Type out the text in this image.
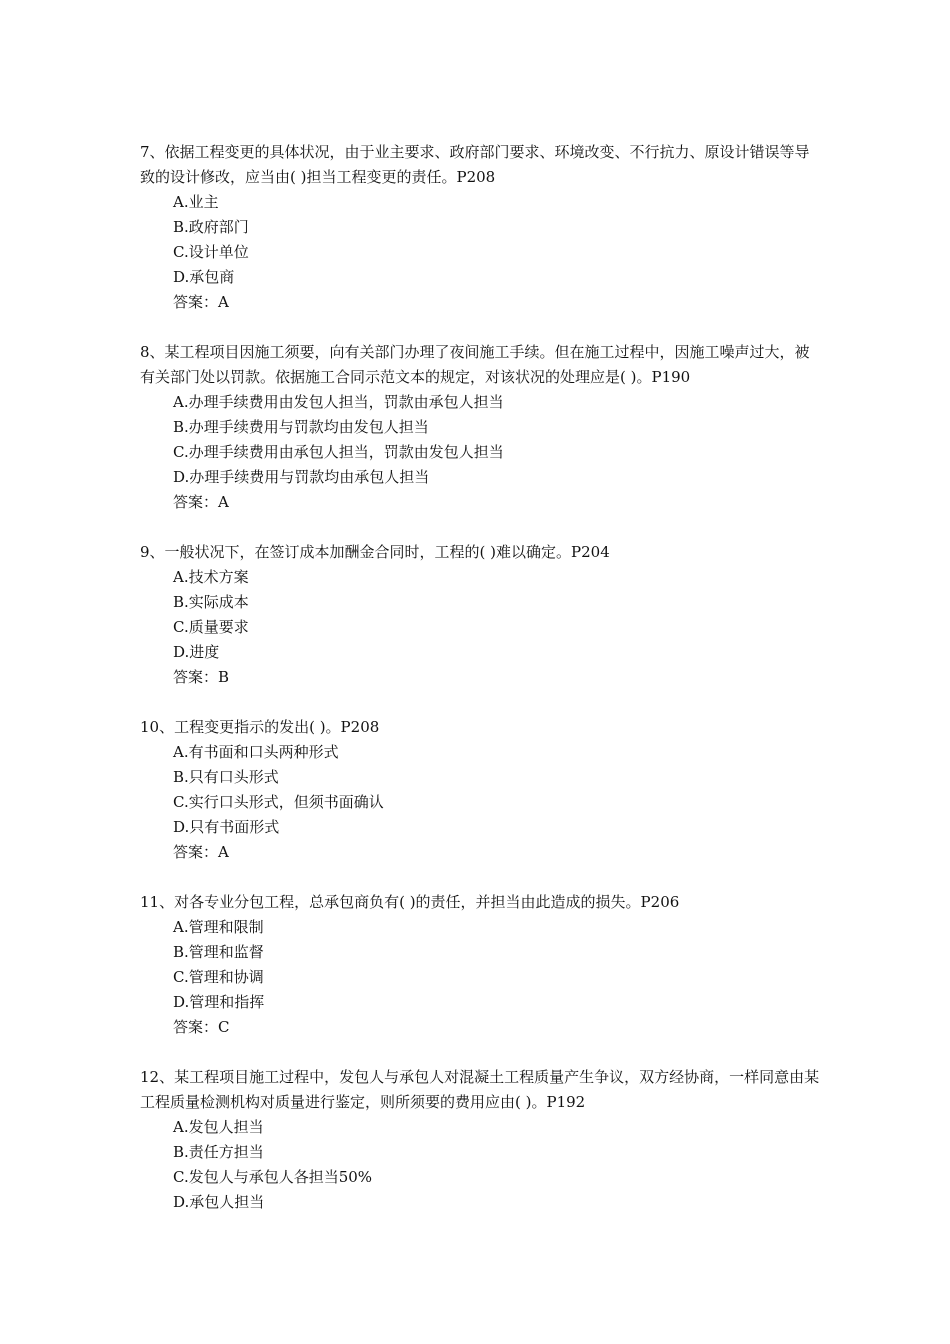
7、依据工程变更的具体状况，由于业主要求、政府部门要求、环境改变、不行抗力、原设计错误等导致的设计修改，应当由( )担当工程变更的责任。P208

A.业主
B.政府部门
C.设计单位
D.承包商
答案：A

8、某工程项目因施工须要，向有关部门办理了夜间施工手续。但在施工过程中，因施工噪声过大，被有关部门处以罚款。依据施工合同示范文本的规定，对该状况的处理应是( )。P190

A.办理手续费用由发包人担当，罚款由承包人担当
B.办理手续费用与罚款均由发包人担当
C.办理手续费用由承包人担当，罚款由发包人担当
D.办理手续费用与罚款均由承包人担当
答案：A

9、一般状况下，在签订成本加酬金合同时，工程的( )难以确定。P204

A.技术方案
B.实际成本
C.质量要求
D.进度
答案：B

10、工程变更指示的发出( )。P208

A.有书面和口头两种形式
B.只有口头形式
C.实行口头形式，但须书面确认
D.只有书面形式
答案：A

11、对各专业分包工程，总承包商负有( )的责任，并担当由此造成的损失。P206

A.管理和限制
B.管理和监督
C.管理和协调
D.管理和指挥
答案：C

12、某工程项目施工过程中，发包人与承包人对混凝土工程质量产生争议，双方经协商，一样同意由某工程质量检测机构对质量进行鉴定，则所须要的费用应由( )。P192

A.发包人担当
B.责任方担当
C.发包人与承包人各担当50%
D.承包人担当
